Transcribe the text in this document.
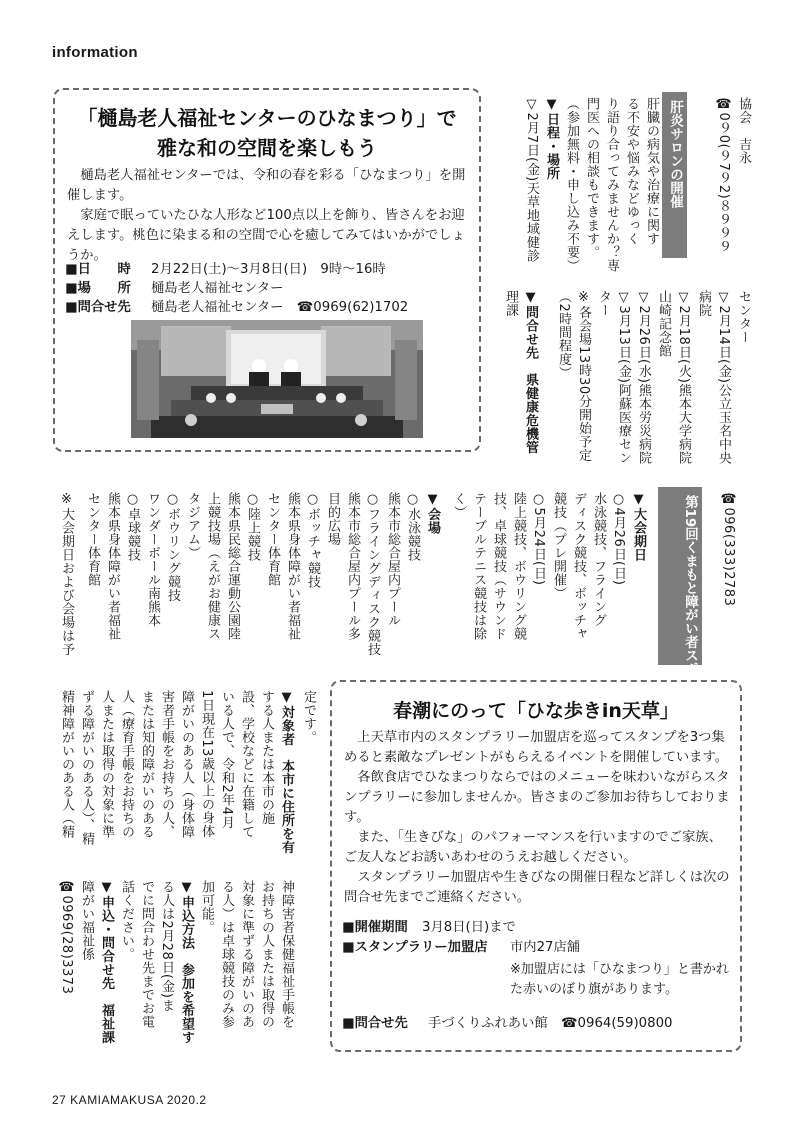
information
「樋島老人福祉センターのひなまつり」で
雅な和の空間を楽しもう

樋島老人福祉センターでは、令和の春を彩る「ひなまつり」を開催します。

家庭で眠っていたひな人形など100点以上を飾り、皆さんをお迎えします。桃色に染まる和の空間で心を癒してみてはいかがでしょうか。

■日　　時 2月22日(土)～3月8日(日)　9時～16時
■場　　所 樋島老人福祉センター
■問合せ先 樋島老人福祉センター　☎0969(62)1702
協会　吉永
☎0９0(９7９2)８９９９
肝炎サロンの開催
肝臓の病気や治療に関す
る不安や悩みなどゆっく
り語り合ってみませんか？専
門医への相談もできます。
（参加無料・申し込み不要）
▼日程・場所
▽2月7日(金)天草地域健診
センター
▽2月14日(金)公立玉名中央
病院
▽2月18日(火)熊本大学病院
山崎記念館
▽2月26日(水)熊本労災病院
▽3月13日(金)阿蘇医療セン
ター
※各会場13時30分開始予定
（2時間程度）
▼問合せ先　県健康危機管
理課
☎096(333)2783
第19回くまもと障がい者スポーツ大会の開催
▼大会期日
○4月26日(日)
水泳競技、フライング
ディスク競技、ボッチャ
競技（プレ開催）
○5月24日(日)
陸上競技、ボウリング競
技、卓球競技（サウンド
テーブルテニス競技は除
く）
▼会場
○水泳競技
熊本市総合屋内プール
○フライングディスク競技
熊本市総合屋内プール多
目的広場
○ボッチャ競技
熊本県身体障がい者福祉
センター体育館
○陸上競技
熊本県民総合運動公園陸
上競技場（えがお健康ス
タジアム）
○ボウリング競技
ワンダーボール南熊本
○卓球競技
熊本県身体障がい者福祉
センター体育館
※大会期日および会場は予
定です。
▼対象者　本市に住所を有
する人または本市の施
設、学校などに在籍して
いる人で、令和2年4月
1日現在13歳以上の身体
障がいのある人（身体障
害者手帳をお持ちの人、
または知的障がいのある
人（療育手帳をお持ちの
人または取得の対象に準
ずる障がいのある人）、精
精神障がいのある人（精
神障害者保健福祉手帳を
お持ちの人または取得の
対象に準ずる障がいのあ
る人）は卓球競技のみ参
加可能。
▼申込方法　参加を希望す
る人は2月28日(金)ま
でに問合わせ先までお電
話ください。
▼申込・問合せ先　福祉課
障がい福祉係
☎0969(28)3373
春潮にのって「ひな歩きin天草」

上天草市内のスタンプラリー加盟店を巡ってスタンプを3つ集めると素敵なプレゼントがもらえるイベントを開催しています。

各飲食店でひなまつりならではのメニューを味わいながらスタンプラリーに参加しませんか。皆さまのご参加お待ちしております。

また、「生きびな」のパフォーマンスを行いますのでご家族、ご友人などお誘いあわせのうえお越しください。

スタンプラリー加盟店や生きびなの開催日程など詳しくは次の問合せ先までご連絡ください。

■開催期間 3月8日(日)まで
■スタンプラリー加盟店 市内27店舗
※加盟店には「ひなまつり」と書かれた赤いのぼり旗があります。
■問合せ先 手づくりふれあい館　☎0964(59)0800
27 KAMIAMAKUSA 2020.2
